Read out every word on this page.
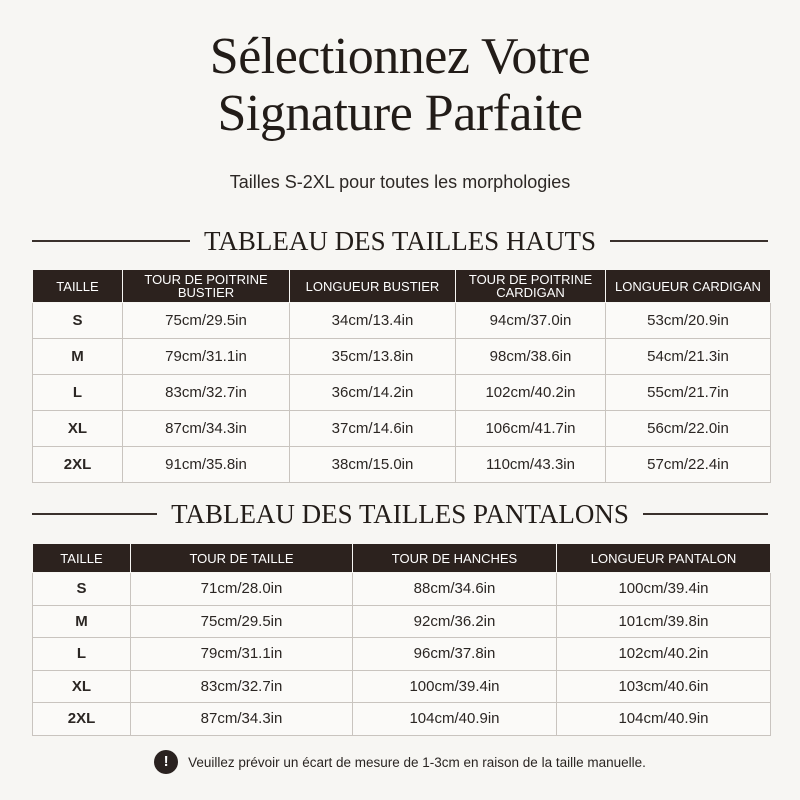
Sélectionnez Votre
Signature Parfaite
Tailles S-2XL pour toutes les morphologies
TABLEAU DES TAILLES HAUTS
TAILLE	TOUR DE POITRINE BUSTIER	LONGUEUR BUSTIER	TOUR DE POITRINE CARDIGAN	LONGUEUR CARDIGAN
S	75cm/29.5in	34cm/13.4in	94cm/37.0in	53cm/20.9in
M	79cm/31.1in	35cm/13.8in	98cm/38.6in	54cm/21.3in
L	83cm/32.7in	36cm/14.2in	102cm/40.2in	55cm/21.7in
XL	87cm/34.3in	37cm/14.6in	106cm/41.7in	56cm/22.0in
2XL	91cm/35.8in	38cm/15.0in	110cm/43.3in	57cm/22.4in
TABLEAU DES TAILLES PANTALONS
TAILLE	TOUR DE TAILLE	TOUR DE HANCHES	LONGUEUR PANTALON
S	71cm/28.0in	88cm/34.6in	100cm/39.4in
M	75cm/29.5in	92cm/36.2in	101cm/39.8in
L	79cm/31.1in	96cm/37.8in	102cm/40.2in
XL	83cm/32.7in	100cm/39.4in	103cm/40.6in
2XL	87cm/34.3in	104cm/40.9in	104cm/40.9in
!	Veuillez prévoir un écart de mesure de 1-3cm en raison de la taille manuelle.
